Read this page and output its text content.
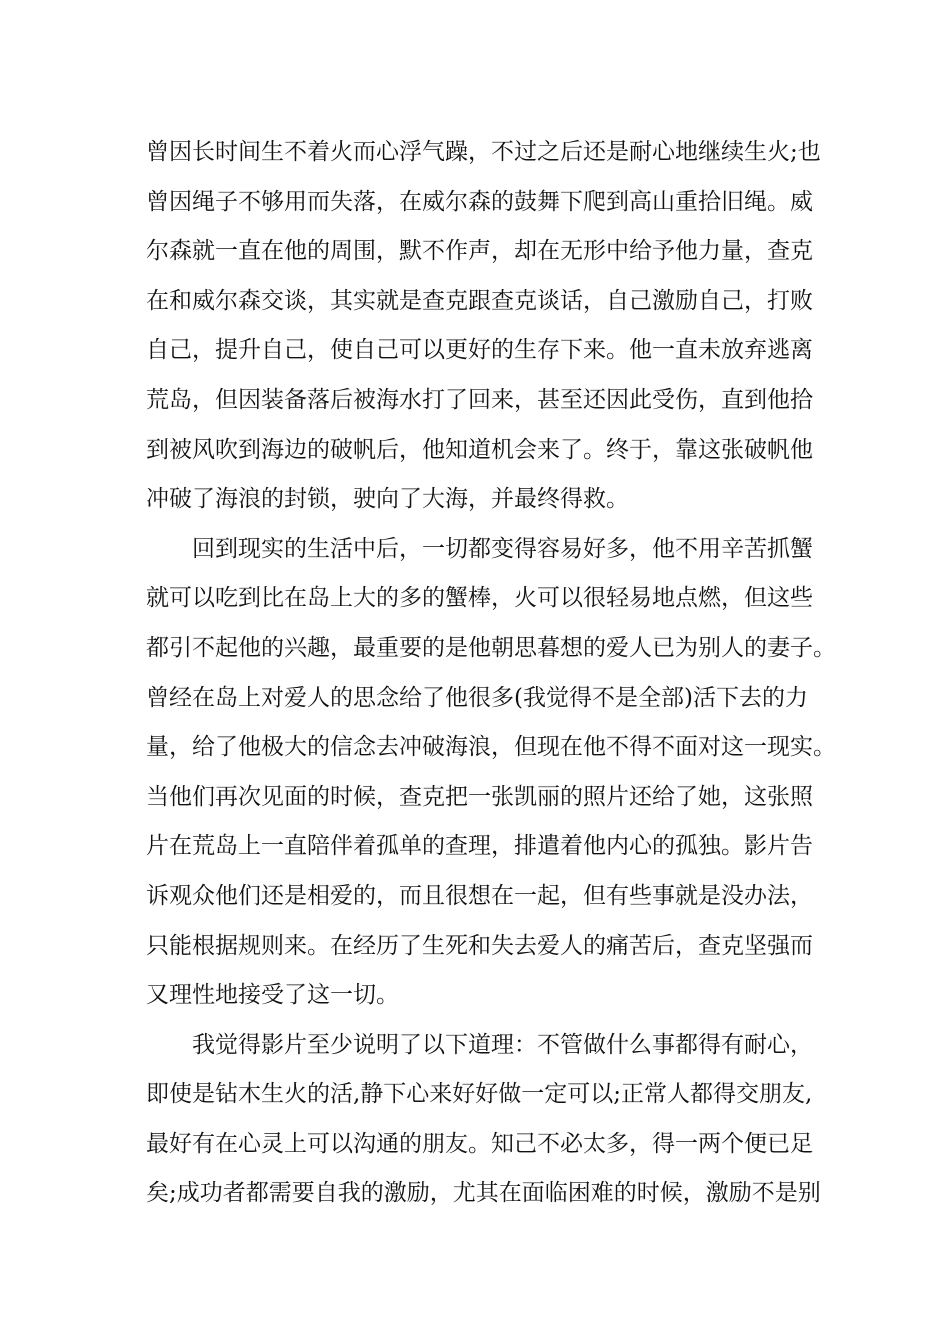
曾因长时间生不着火而心浮气躁，不过之后还是耐心地继续生火;也
曾因绳子不够用而失落，在威尔森的鼓舞下爬到高山重拾旧绳。威
尔森就一直在他的周围，默不作声，却在无形中给予他力量，查克
在和威尔森交谈，其实就是查克跟查克谈话，自己激励自己，打败
自己，提升自己，使自己可以更好的生存下来。他一直未放弃逃离
荒岛，但因装备落后被海水打了回来，甚至还因此受伤，直到他拾
到被风吹到海边的破帆后，他知道机会来了。终于，靠这张破帆他
冲破了海浪的封锁，驶向了大海，并最终得救。
回到现实的生活中后，一切都变得容易好多，他不用辛苦抓蟹
就可以吃到比在岛上大的多的蟹棒，火可以很轻易地点燃，但这些
都引不起他的兴趣，最重要的是他朝思暮想的爱人已为别人的妻子。
曾经在岛上对爱人的思念给了他很多(我觉得不是全部)活下去的力
量，给了他极大的信念去冲破海浪，但现在他不得不面对这一现实。
当他们再次见面的时候，查克把一张凯丽的照片还给了她，这张照
片在荒岛上一直陪伴着孤单的查理，排遣着他内心的孤独。影片告
诉观众他们还是相爱的，而且很想在一起，但有些事就是没办法，
只能根据规则来。在经历了生死和失去爱人的痛苦后，查克坚强而
又理性地接受了这一切。
我觉得影片至少说明了以下道理：不管做什么事都得有耐心，
即使是钻木生火的活,静下心来好好做一定可以;正常人都得交朋友,
最好有在心灵上可以沟通的朋友。知己不必太多，得一两个便已足
矣;成功者都需要自我的激励，尤其在面临困难的时候，激励不是别
